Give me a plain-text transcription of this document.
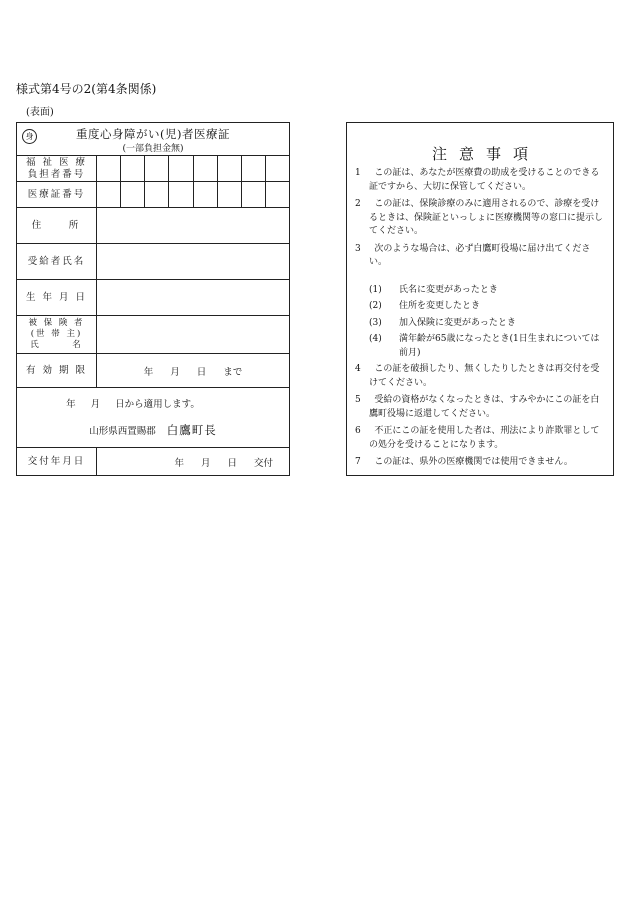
様式第4号の2(第4条関係)
(表面)
身	重度心身障がい(児)者医療証
(一部負担金無)
福 祉 医 療
負担者番号
医療証番号
住 　 所
受給者氏名
生 年 月 日
被 保 険 者
(世 帯 主)
氏　　　名
有 効 期 限	年 月 日 まで
年 月 日から適用します。
山形県西置賜郡 白鷹町長
交付年月日	年 月 日 交付
注意事項
1	この証は、あなたが医療費の助成を受けることのできる証ですから、大切に保管してください。
2	この証は、保険診療のみに適用されるので、診療を受けるときは、保険証といっしょに医療機関等の窓口に提示してください。
3	次のような場合は、必ず白鷹町役場に届け出てください。
(1)	氏名に変更があったとき
(2)	住所を変更したとき
(3)	加入保険に変更があったとき
(4)	満年齢が65歳になったとき(1日生まれについては前月)
4	この証を破損したり、無くしたりしたときは再交付を受けてください。
5	受給の資格がなくなったときは、すみやかにこの証を白鷹町役場に返還してください。
6	不正にこの証を使用した者は、刑法により詐欺罪としての処分を受けることになります。
7	この証は、県外の医療機関では使用できません。
